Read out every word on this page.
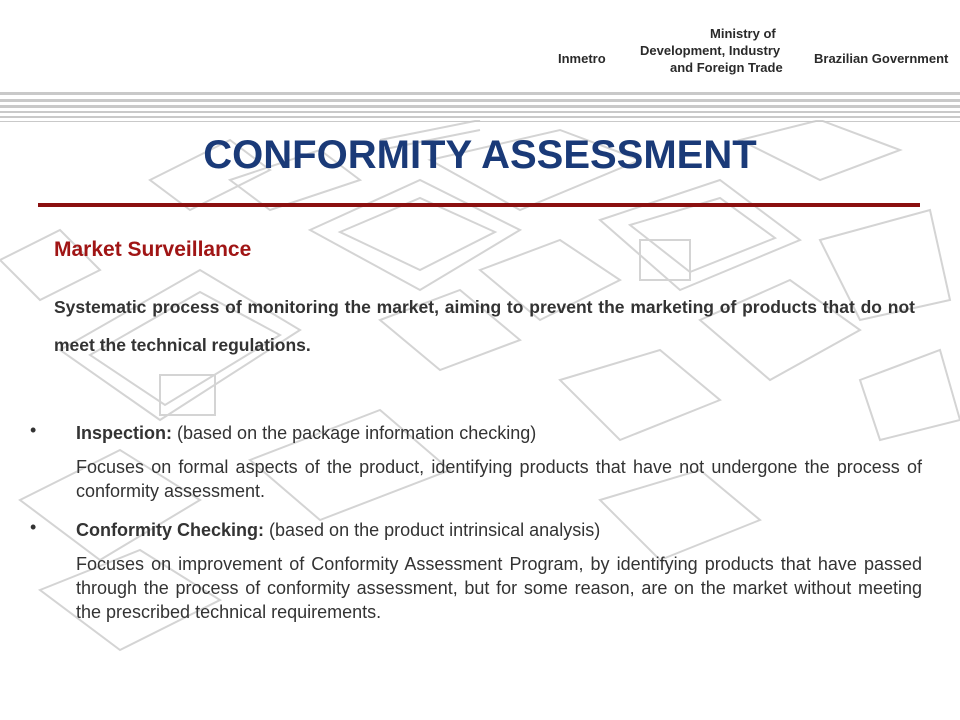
Inmetro
Ministry of
Development, Industry
and Foreign Trade
Brazilian Government
CONFORMITY ASSESSMENT
Market Surveillance

Systematic process of monitoring the market, aiming to prevent the marketing of products that do not meet the technical regulations.

• Inspection: (based on the package information checking)

Focuses on formal aspects of the product, identifying products that have not undergone the process of conformity assessment.

• Conformity Checking: (based on the product intrinsical analysis)

Focuses on improvement of Conformity Assessment Program, by identifying products that have passed through the process of conformity assessment, but for some reason, are on the market without meeting the prescribed technical requirements.
